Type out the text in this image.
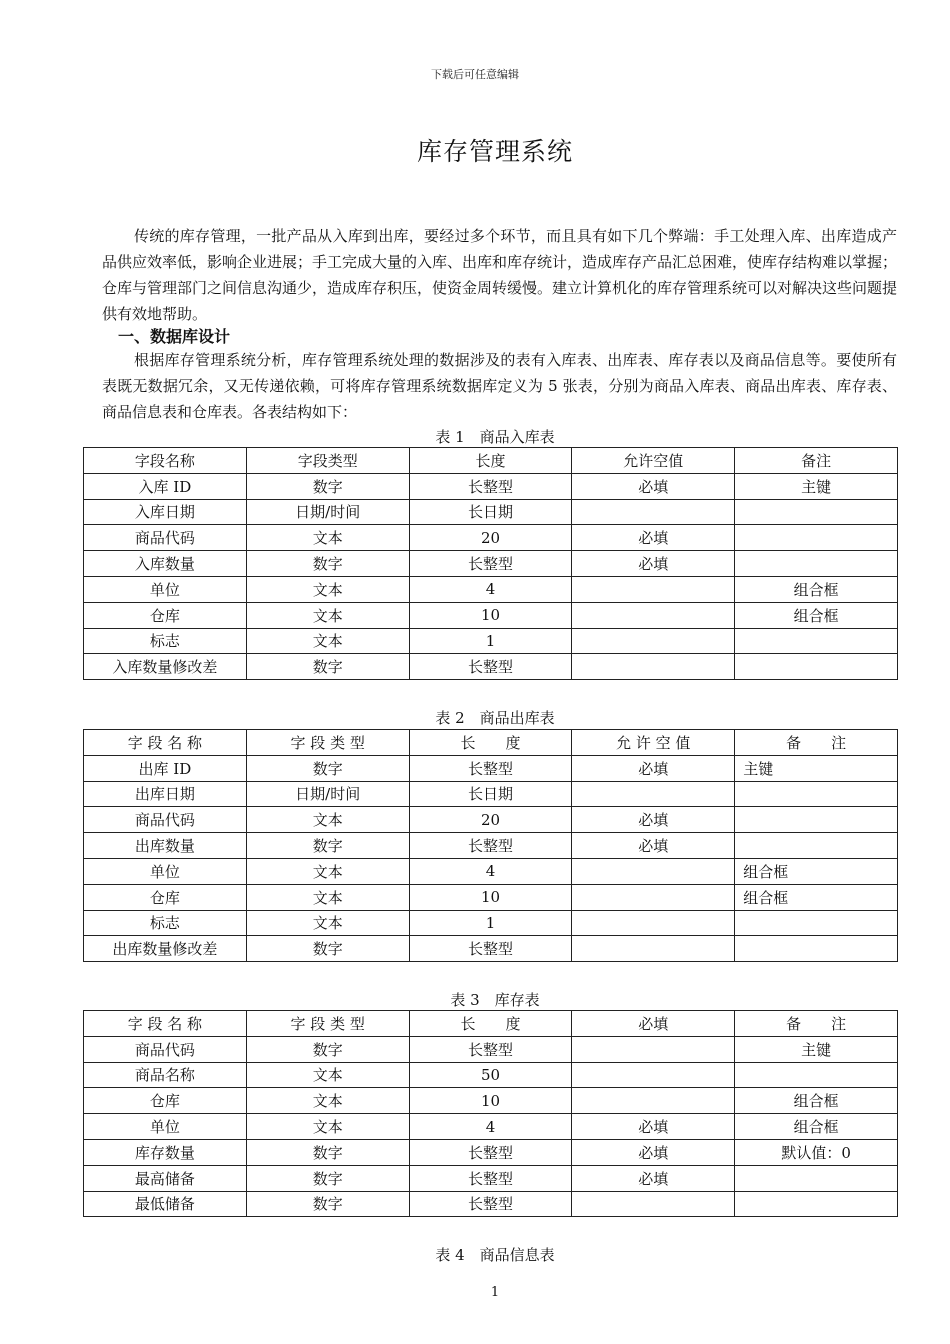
下载后可任意编辑
库存管理系统

传统的库存管理，一批产品从入库到出库，要经过多个环节，而且具有如下几个弊端：手工处理入库、出库造成产品供应效率低，影响企业进展；手工完成大量的入库、出库和库存统计，造成库存产品汇总困难，使库存结构难以掌握；仓库与管理部门之间信息沟通少，造成库存积压，使资金周转缓慢。建立计算机化的库存管理系统可以对解决这些问题提供有效地帮助。

一、数据库设计

根据库存管理系统分析，库存管理系统处理的数据涉及的表有入库表、出库表、库存表以及商品信息等。要使所有表既无数据冗余，又无传递依赖，可将库存管理系统数据库定义为 5 张表，分别为商品入库表、商品出库表、库存表、商品信息表和仓库表。各表结构如下：

表 1　商品入库表
字段名称	字段类型	长度	允许空值	备注
入库 ID	数字	长整型	必填	主键
入库日期	日期/时间	长日期		
商品代码	文本	20	必填	
入库数量	数字	长整型	必填	
单位	文本	4		组合框
仓库	文本	10		组合框
标志	文本	1		
入库数量修改差	数字	长整型		
表 2　商品出库表
字 段 名 称	字 段 类 型	长　　度	允 许 空 值	备　　注
出库 ID	数字	长整型	必填	主键
出库日期	日期/时间	长日期		
商品代码	文本	20	必填	
出库数量	数字	长整型	必填	
单位	文本	4		组合框
仓库	文本	10		组合框
标志	文本	1		
出库数量修改差	数字	长整型		
表 3　库存表
字 段 名 称	字 段 类 型	长　　度	必填	备　　注
商品代码	数字	长整型		主键
商品名称	文本	50		
仓库	文本	10		组合框
单位	文本	4	必填	组合框
库存数量	数字	长整型	必填	默认值：0
最高储备	数字	长整型	必填	
最低储备	数字	长整型		
表 4　商品信息表
1
